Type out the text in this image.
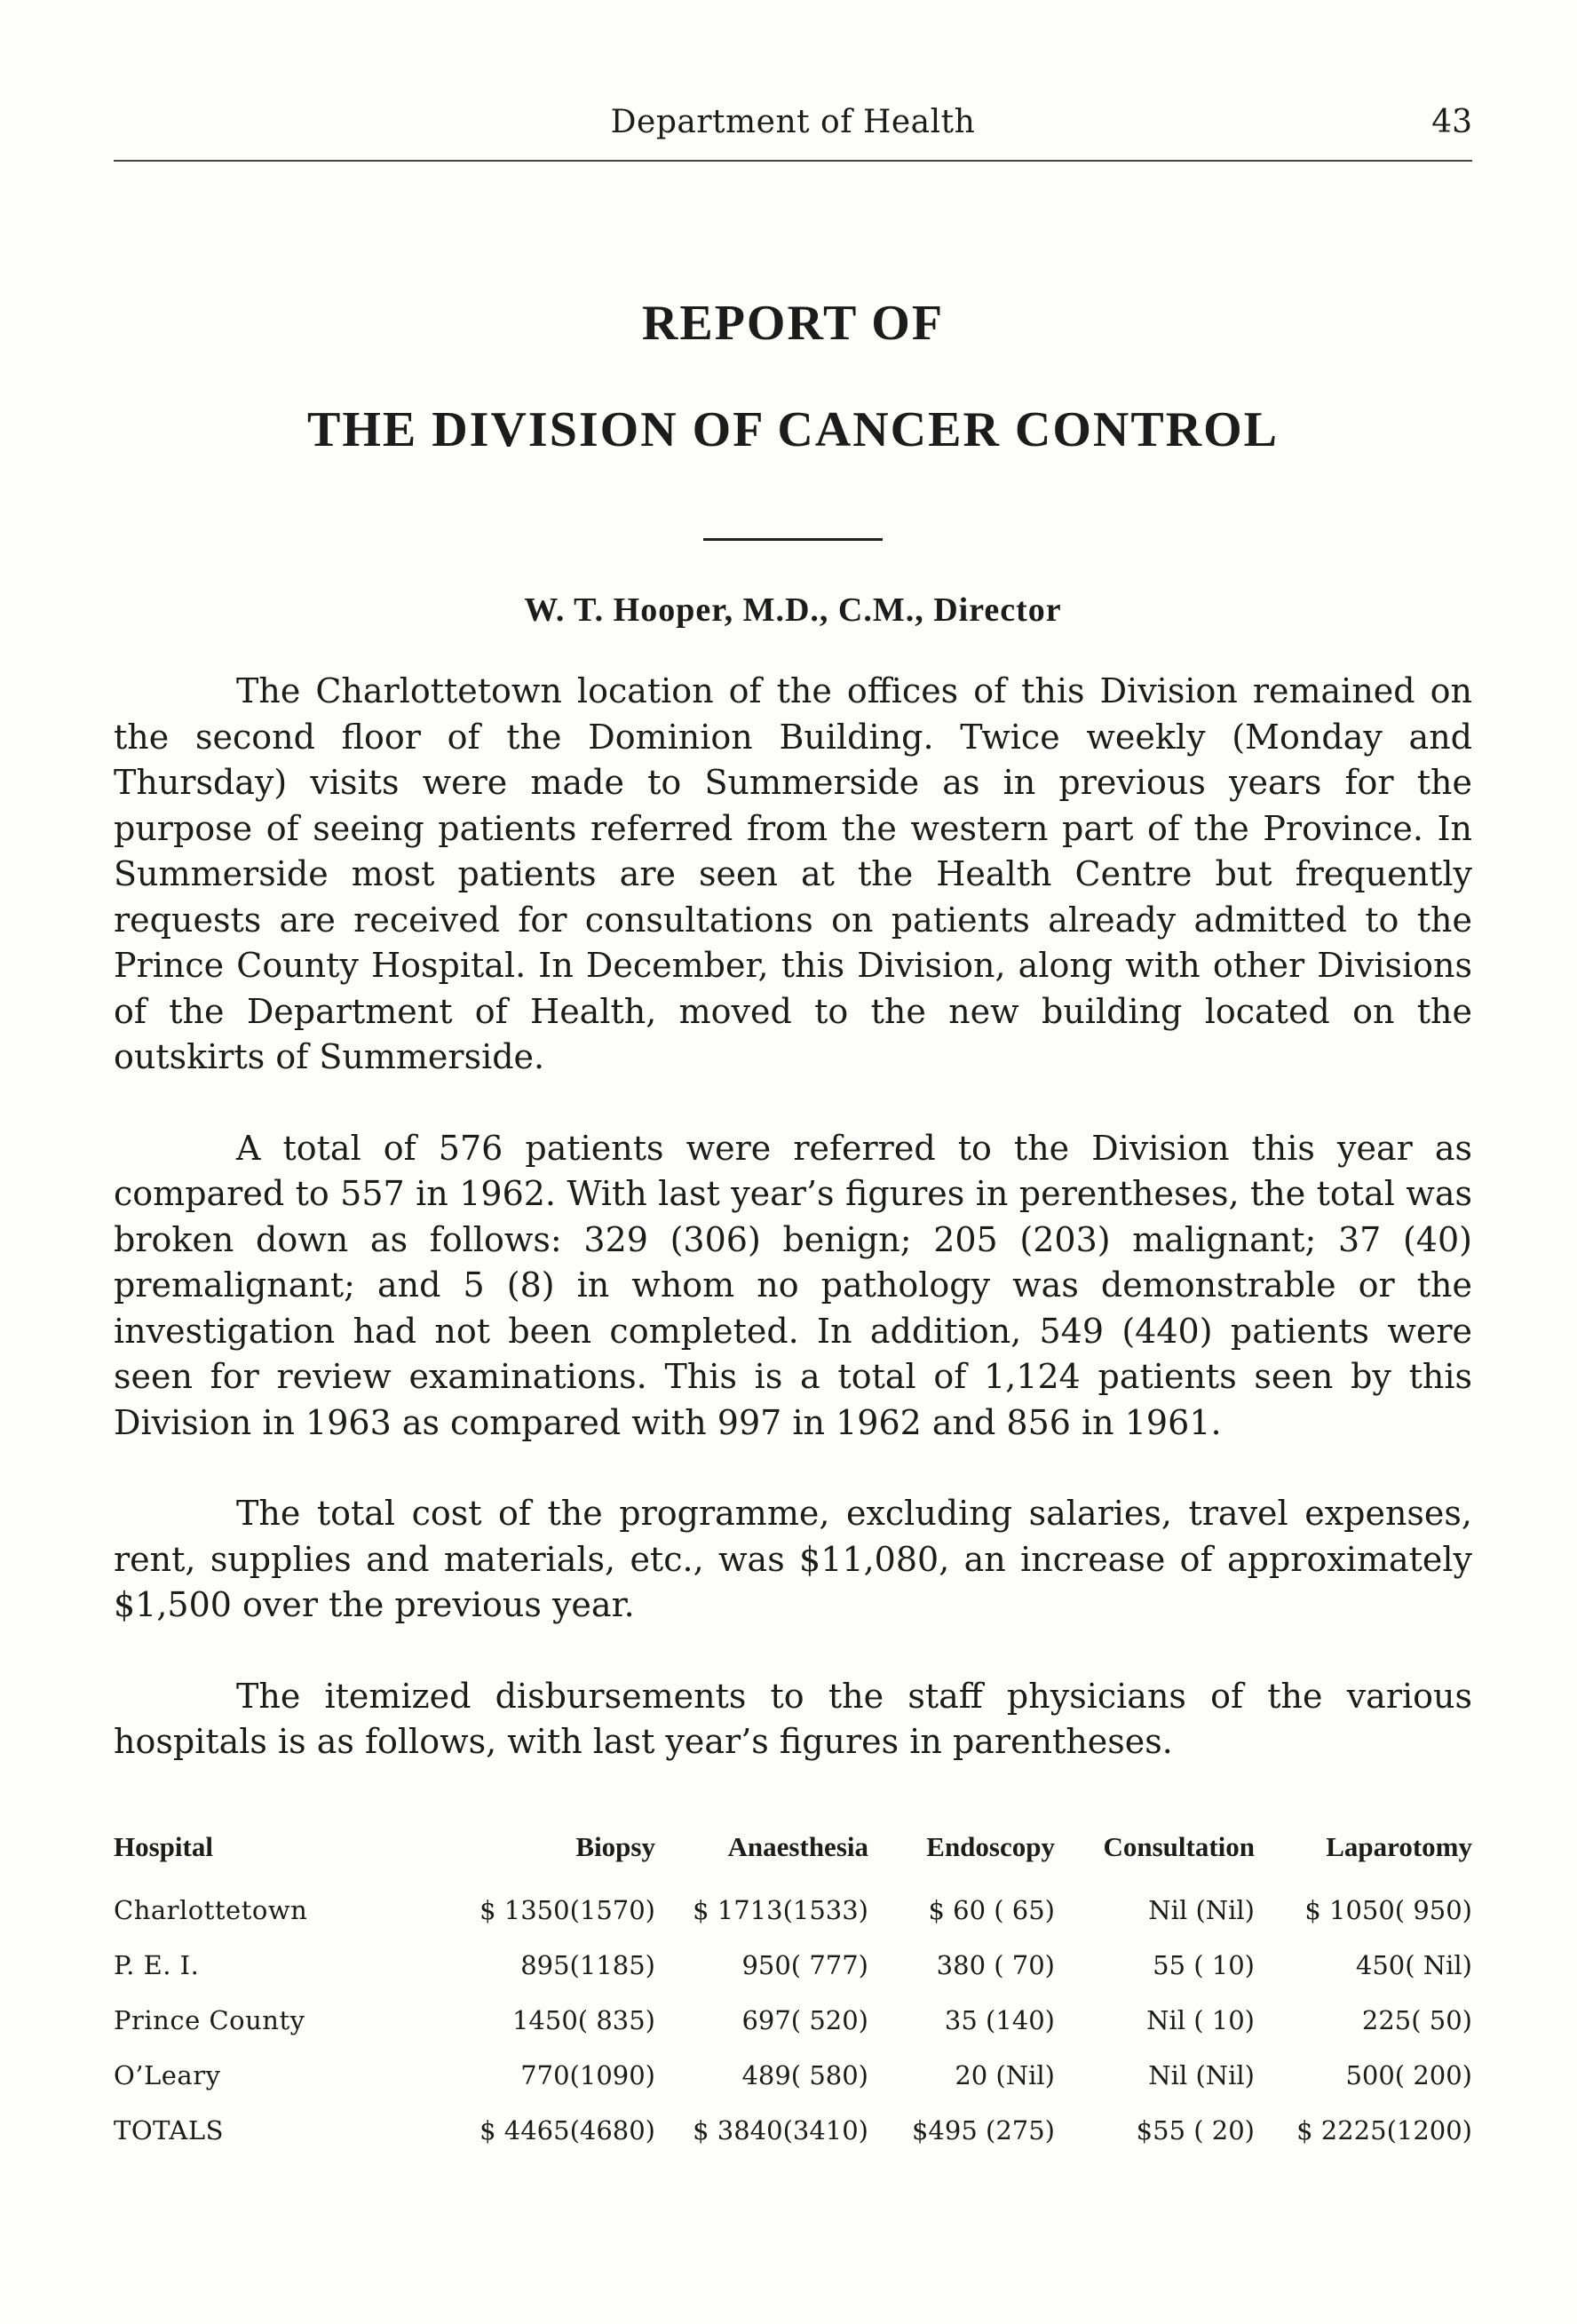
Department of Health	43
REPORT OF
THE DIVISION OF CANCER CONTROL
W. T. Hooper, M.D., C.M., Director

The Charlottetown location of the offices of this Division remained on the second floor of the Dominion Building. Twice weekly (Monday and Thursday) visits were made to Summerside as in previous years for the purpose of seeing patients referred from the western part of the Province. In Summerside most patients are seen at the Health Centre but frequently requests are received for consultations on patients already admitted to the Prince County Hospital. In December, this Division, along with other Divisions of the Department of Health, moved to the new building located on the outskirts of Summerside.

A total of 576 patients were referred to the Division this year as compared to 557 in 1962. With last year’s figures in perentheses, the total was broken down as follows: 329 (306) benign; 205 (203) malignant; 37 (40) premalignant; and 5 (8) in whom no pathology was demonstrable or the investigation had not been completed. In addition, 549 (440) patients were seen for review examinations. This is a total of 1,124 patients seen by this Division in 1963 as compared with 997 in 1962 and 856 in 1961.

The total cost of the programme, excluding salaries, travel expenses, rent, supplies and materials, etc., was $11,080, an increase of approximately $1,500 over the previous year.

The itemized disbursements to the staff physicians of the various hospitals is as follows, with last year’s figures in parentheses.

Hospital	Biopsy	Anaesthesia	Endoscopy	Consultation	Laparotomy
Charlottetown	$ 1350(1570)	$ 1713(1533)	$ 60 ( 65)	Nil (Nil)	$ 1050( 950)
P. E. I.	895(1185)	950( 777)	380 ( 70)	55 ( 10)	450( Nil)
Prince County	1450( 835)	697( 520)	35 (140)	Nil ( 10)	225( 50)
O’Leary	770(1090)	489( 580)	20 (Nil)	Nil (Nil)	500( 200)
TOTALS	$ 4465(4680)	$ 3840(3410)	$495 (275)	$55 ( 20)	$ 2225(1200)
